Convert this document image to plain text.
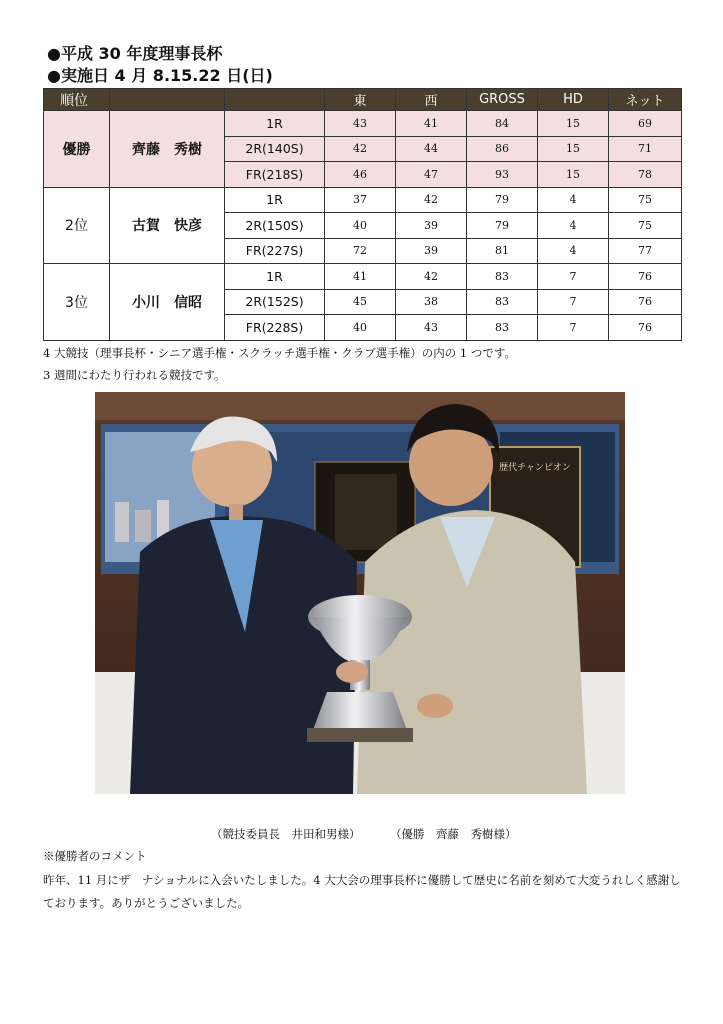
●平成 30 年度理事長杯
●実施日 4 月 8.15.22 日(日)
順位			東	西	GROSS	HD	ネット
優勝	齊藤　秀樹	1R	43	41	84	15	69
		2R(140S)	42	44	86	15	71
		FR(218S)	46	47	93	15	78
2位	古賀　快彦	1R	37	42	79	4	75
		2R(150S)	40	39	79	4	75
		FR(227S)	72	39	81	4	77
3位	小川　信昭	1R	41	42	83	7	76
		2R(152S)	45	38	83	7	76
		FR(228S)	40	43	83	7	76
4 大競技（理事長杯・シニア選手権・スクラッチ選手権・クラブ選手権）の内の 1 つです。
3 週間にわたり行われる競技です。
歴代チャンピオン
（競技委員長　井田和男様）	（優勝　齊藤　秀樹様）
※優勝者のコメント
昨年、11 月にザ　ナショナルに入会いたしました。4 大大会の理事長杯に優勝して歴史に名前を刻めて大変うれしく感謝しております。ありがとうございました。
